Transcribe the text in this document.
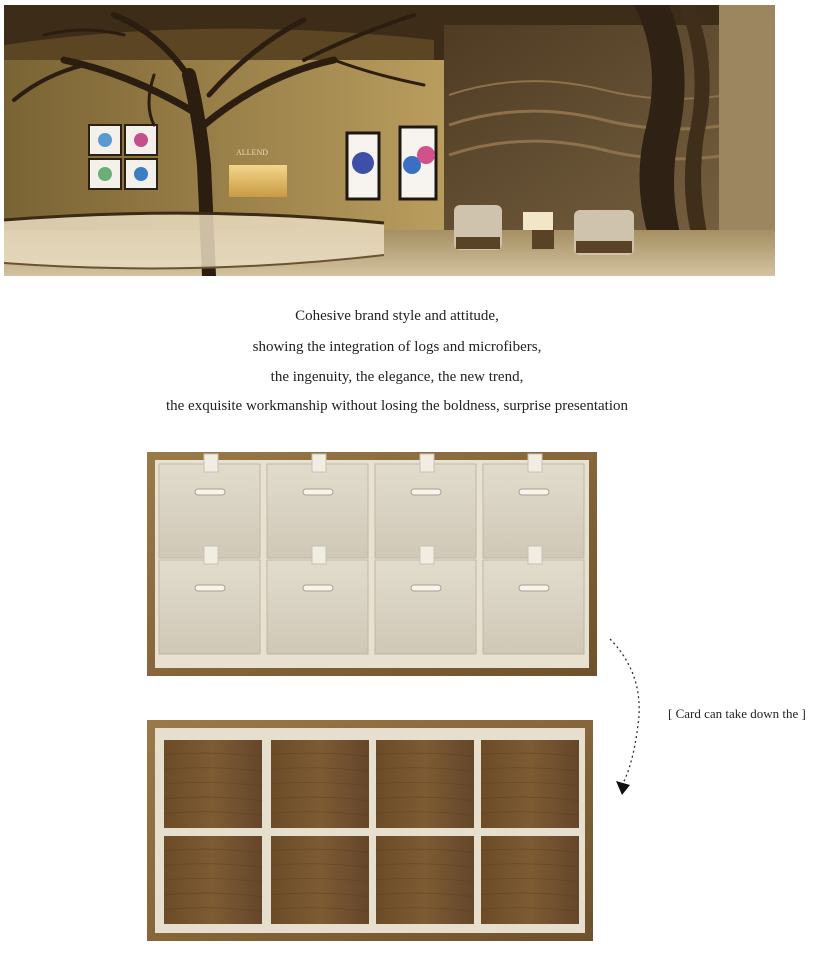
ALLEND
Cohesive brand style and attitude,
showing the integration of logs and microfibers,
the ingenuity, the elegance, the new trend,
the exquisite workmanship without losing the boldness, surprise presentation
[ Card can take down the ]
